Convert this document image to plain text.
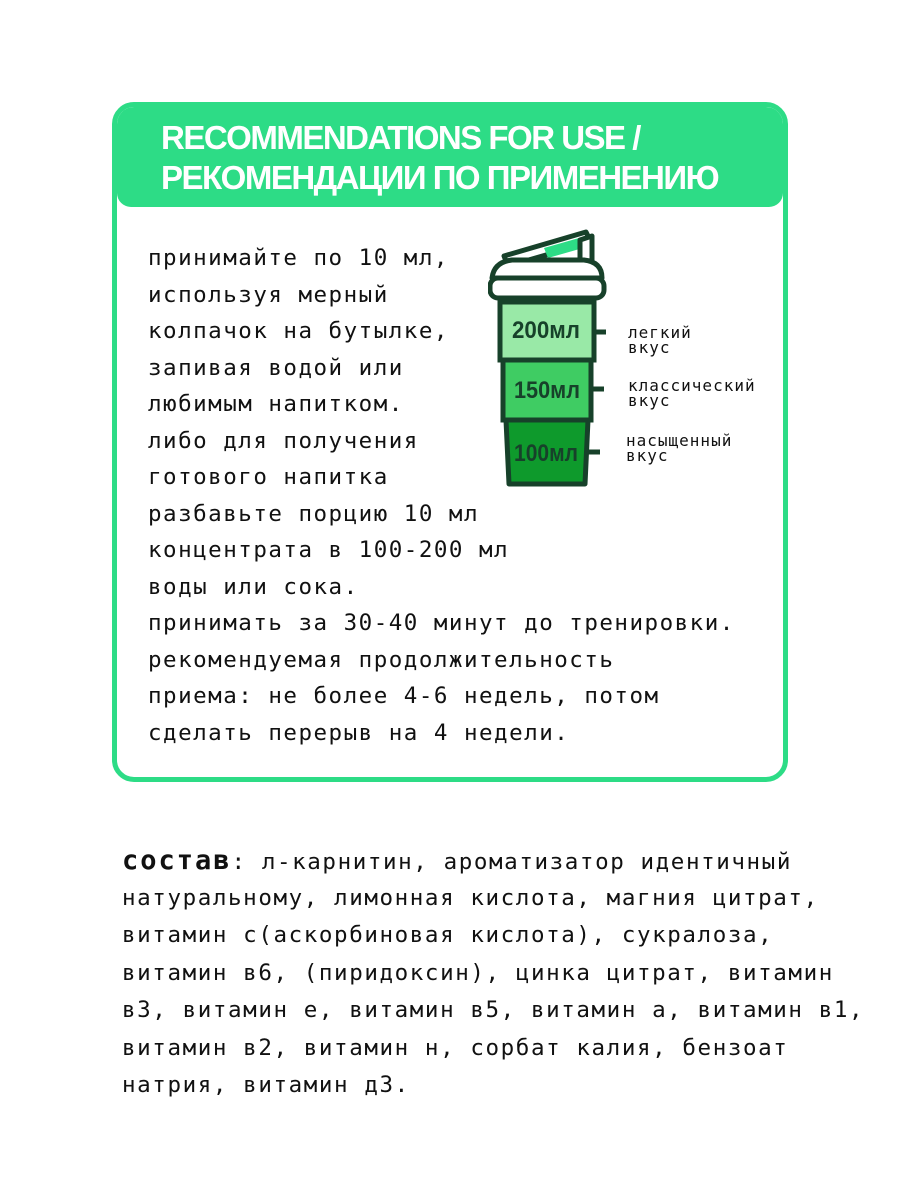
RECOMMENDATIONS FOR USE /
РЕКОМЕНДАЦИИ ПО ПРИМЕНЕНИЮ
принимайте по 10 мл,
используя мерный
колпачок на бутылке,
запивая водой или
любимым напитком.
либо для получения
готового напитка
разбавьте порцию 10 мл
концентрата в 100-200 мл
воды или сока.
принимать за 30-40 минут до тренировки.
рекомендуемая продолжительность
приема: не более 4-6 недель, потом
сделать перерыв на 4 недели.
200мл
150мл
100мл
легкий
вкус
классический
вкус
насыщенный
вкус
состав: л-карнитин, ароматизатор идентичный
натуральному, лимонная кислота, магния цитрат,
витамин с(аскорбиновая кислота), сукралоза,
витамин в6, (пиридоксин), цинка цитрат, витамин
в3, витамин е, витамин в5, витамин а, витамин в1,
витамин в2, витамин н, сорбат калия, бензоат
натрия, витамин д3.
